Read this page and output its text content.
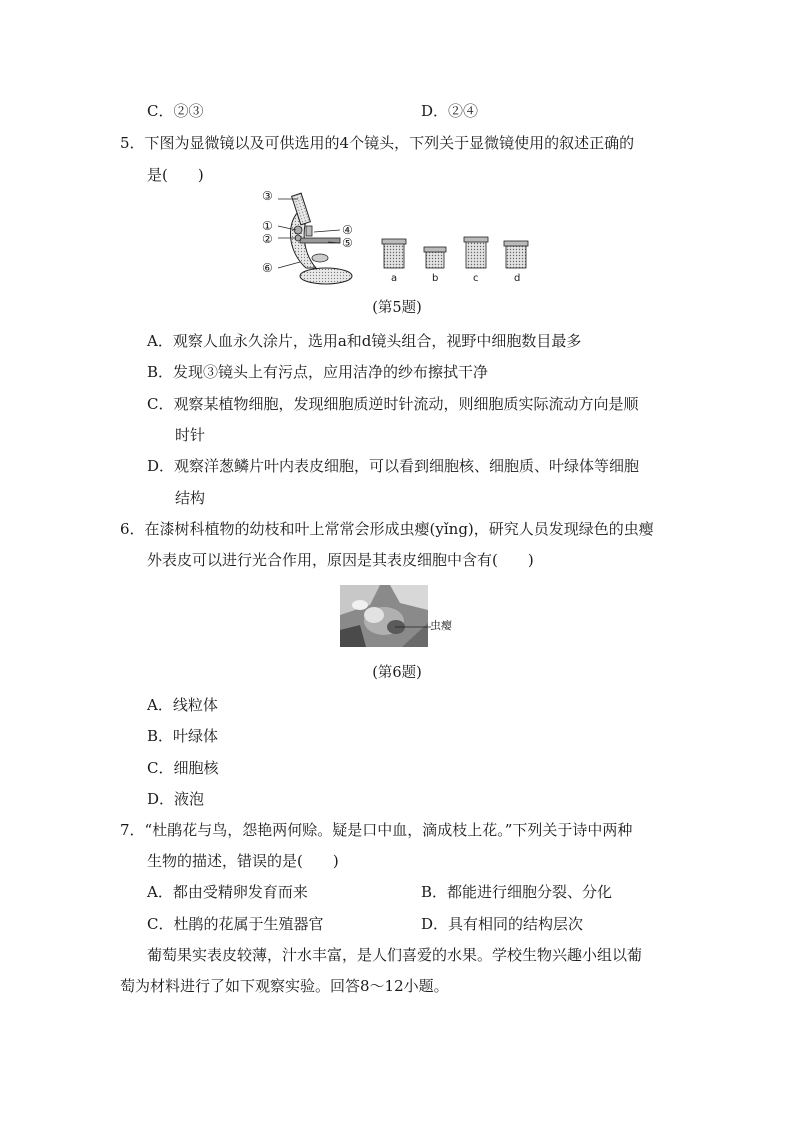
C．②③	D．②④
5．下图为显微镜以及可供选用的4个镜头，下列关于显微镜使用的叙述正确的
是(　　)
③
①
②
⑥
④
⑤
a	b	c	d
(第5题)
A．观察人血永久涂片，选用a和d镜头组合，视野中细胞数目最多
B．发现③镜头上有污点，应用洁净的纱布擦拭干净
C．观察某植物细胞，发现细胞质逆时针流动，则细胞质实际流动方向是顺
时针
D．观察洋葱鳞片叶内表皮细胞，可以看到细胞核、细胞质、叶绿体等细胞
结构
6．在漆树科植物的幼枝和叶上常常会形成虫瘿(yǐng)，研究人员发现绿色的虫瘿
外表皮可以进行光合作用，原因是其表皮细胞中含有(　　)
虫瘿
(第6题)
A．线粒体
B．叶绿体
C．细胞核
D．液泡
7．“杜鹃花与鸟，怨艳两何赊。疑是口中血，滴成枝上花。”下列关于诗中两种
生物的描述，错误的是(　　)
A．都由受精卵发育而来	B．都能进行细胞分裂、分化
C．杜鹃的花属于生殖器官	D．具有相同的结构层次
葡萄果实表皮较薄，汁水丰富，是人们喜爱的水果。学校生物兴趣小组以葡
萄为材料进行了如下观察实验。回答8～12小题。
